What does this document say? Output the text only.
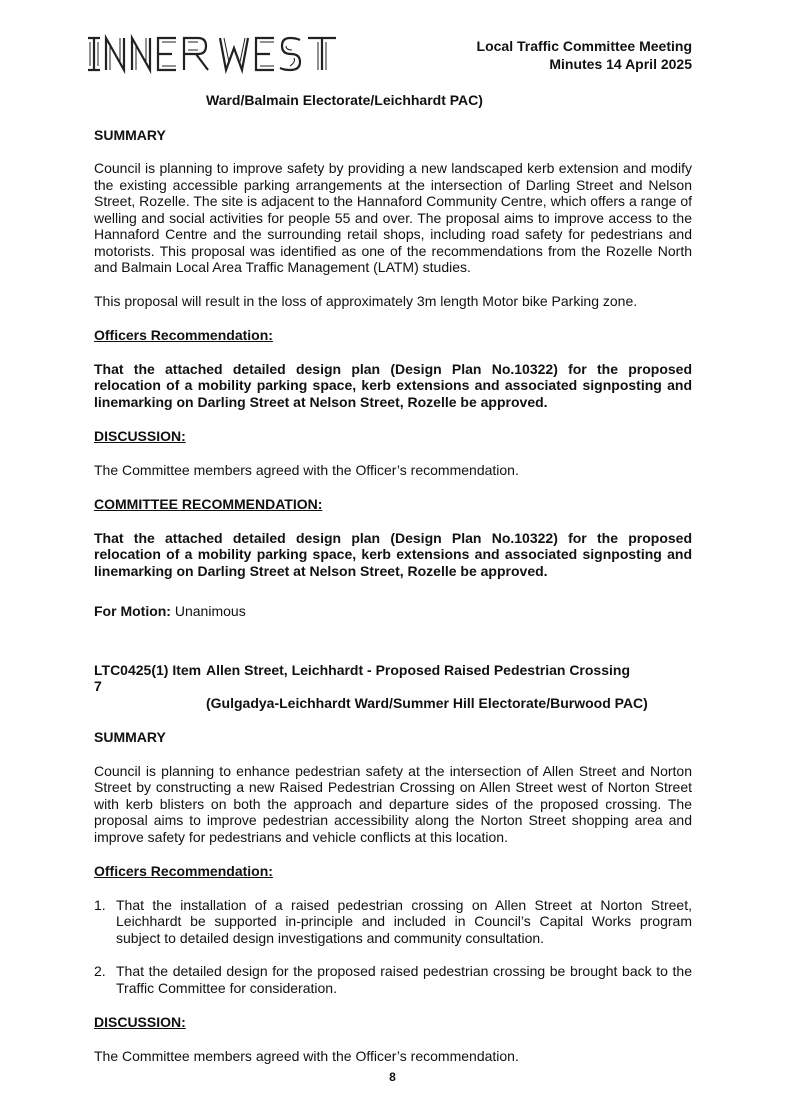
Local Traffic Committee Meeting
Minutes 14 April 2025
Ward/Balmain Electorate/Leichhardt PAC)
SUMMARY

Council is planning to improve safety by providing a new landscaped kerb extension and modify the existing accessible parking arrangements at the intersection of Darling Street and Nelson Street, Rozelle. The site is adjacent to the Hannaford Community Centre, which offers a range of welling and social activities for people 55 and over. The proposal aims to improve access to the Hannaford Centre and the surrounding retail shops, including road safety for pedestrians and motorists. This proposal was identified as one of the recommendations from the Rozelle North and Balmain Local Area Traffic Management (LATM) studies.

This proposal will result in the loss of approximately 3m length Motor bike Parking zone.

Officers Recommendation:

That the attached detailed design plan (Design Plan No.10322) for the proposed relocation of a mobility parking space, kerb extensions and associated signposting and linemarking on Darling Street at Nelson Street, Rozelle be approved.

DISCUSSION:

The Committee members agreed with the Officer’s recommendation.

COMMITTEE RECOMMENDATION:

That the attached detailed design plan (Design Plan No.10322) for the proposed relocation of a mobility parking space, kerb extensions and associated signposting and linemarking on Darling Street at Nelson Street, Rozelle be approved.

For Motion: Unanimous

LTC0425(1) Item 7
Allen Street, Leichhardt - Proposed Raised Pedestrian Crossing
(Gulgadya-Leichhardt Ward/Summer Hill Electorate/Burwood PAC)
SUMMARY

Council is planning to enhance pedestrian safety at the intersection of Allen Street and Norton Street by constructing a new Raised Pedestrian Crossing on Allen Street west of Norton Street with kerb blisters on both the approach and departure sides of the proposed crossing. The proposal aims to improve pedestrian accessibility along the Norton Street shopping area and improve safety for pedestrians and vehicle conflicts at this location.

Officers Recommendation:
1. That the installation of a raised pedestrian crossing on Allen Street at Norton Street, Leichhardt be supported in-principle and included in Council’s Capital Works program subject to detailed design investigations and community consultation.
2. That the detailed design for the proposed raised pedestrian crossing be brought back to the Traffic Committee for consideration.
DISCUSSION:

The Committee members agreed with the Officer’s recommendation.

8
